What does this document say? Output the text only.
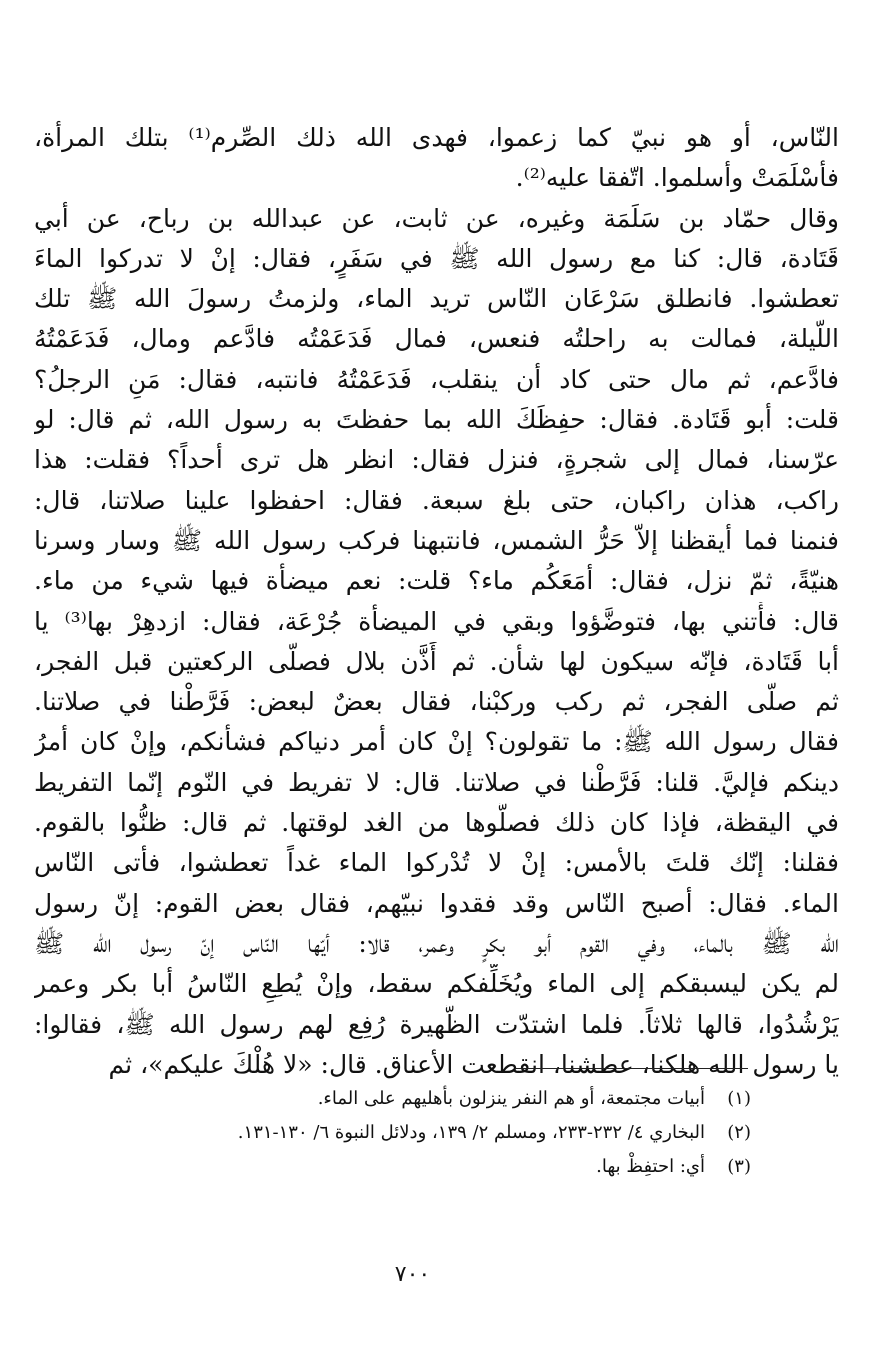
النّاس، أو هو نبيّ كما زعموا، فهدى الله ذلك الصِّرم⁽¹⁾ بتلك المرأة،
فأسْلَمَتْ وأسلموا. اتّفقا عليه⁽²⁾.
وقال حمّاد بن سَلَمَة وغيره، عن ثابت، عن عبدالله بن رباح، عن أبي
قَتَادة، قال: كنا مع رسول الله ﷺ في سَفَرٍ، فقال: إنْ لا تدركوا الماءَ
تعطشوا. فانطلق سَرْعَان النّاس تريد الماء، ولزمتُ رسولَ الله ﷺ تلك
اللّيلة، فمالت به راحلتُه فنعس، فمال فَدَعَمْتُه فادَّعم ومال، فَدَعَمْتُهُ
فادَّعم، ثم مال حتى كاد أن ينقلب، فَدَعَمْتُهُ فانتبه، فقال: مَنِ الرجلُ؟
قلت: أبو قَتَادة. فقال: حفِظَكَ الله بما حفظتَ به رسول الله، ثم قال: لو
عرّسنا، فمال إلى شجرةٍ، فنزل فقال: انظر هل ترى أحداً؟ فقلت: هذا
راكب، هذان راكبان، حتى بلغ سبعة. فقال: احفظوا علينا صلاتنا، قال:
فنمنا فما أيقظنا إلاّ حَرُّ الشمس، فانتبهنا فركب رسول الله ﷺ وسار وسرنا
هنيّةً، ثمّ نزل، فقال: أمَعَكُم ماء؟ قلت: نعم ميضأة فيها شيء من ماء.
قال: فأْتني بها، فتوضَّؤوا وبقي في الميضأة جُرْعَة، فقال: ازدهِرْ بها⁽³⁾ يا
أبا قَتَادة، فإنّه سيكون لها شأن. ثم أَذَّن بلال فصلّى الركعتين قبل الفجر،
ثم صلّى الفجر، ثم ركب وركبْنا، فقال بعضٌ لبعض: فَرَّطْنا في صلاتنا.
فقال رسول الله ﷺ: ما تقولون؟ إنْ كان أمر دنياكم فشأنكم، وإنْ كان أمرُ
دينكم فإليَّ. قلنا: فَرَّطْنا في صلاتنا. قال: لا تفريط في النّوم إنّما التفريط
في اليقظة، فإذا كان ذلك فصلُّوها من الغد لوقتها. ثم قال: ظنُّوا بالقوم.
فقلنا: إنّك قلتَ بالأمس: إنْ لا تُدْركوا الماء غداً تعطشوا، فأتى النّاس
الماء. فقال: أصبح النّاس وقد فقدوا نبيّهم، فقال بعض القوم: إنّ رسول
الله ﷺ بالماء، وفي القوم أبو بكرٍ وعمر، قالا: أيّها النّاس إنّ رسول الله ﷺ
لم يكن ليسبقكم إلى الماء ويُخَلِّفكم سقط، وإنْ يُطِعِ النّاسُ أبا بكر وعمر
يَرْشُدُوا، قالها ثلاثاً. فلما اشتدّت الظَّهيرة رُفِع لهم رسول الله ﷺ، فقالوا:
يا رسول الله هلكنا، عطشنا، انقطعت الأعناق. قال: «لا هُلْكَ عليكم»، ثم
(١)أبيات مجتمعة، أو هم النفر ينزلون بأهليهم على الماء.
(٢)البخاري ٤/ ٢٣٢-٢٣٣، ومسلم ٢/ ١٣٩، ودلائل النبوة ٦/ ١٣٠-١٣١.
(٣)أي: احتفِظْ بها.
٧٠٠
